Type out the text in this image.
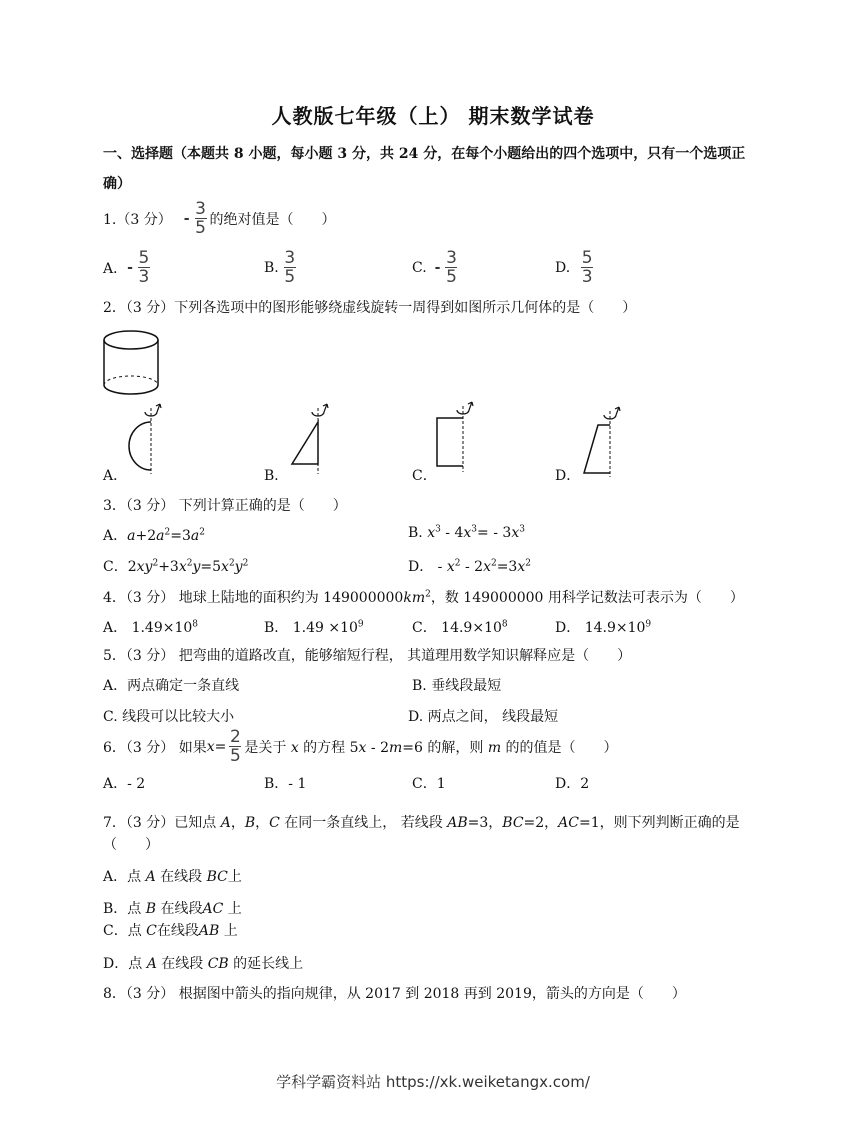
人教版七年级（上） 期末数学试卷
一、选择题（本题共 8 小题，每小题 3 分，共 24 分，在每个小题给出的四个选项中，只有一个选项正
确）
1.（3 分） - $\frac{3}{5}$ 的绝对值是（　　）
A． - $\frac{5}{3}$	B. $\frac{3}{5}$	C. - $\frac{3}{5}$	D. $\frac{5}{3}$
2．（3 分）下列各选项中的图形能够绕虚线旋转一周得到如图所示几何体的是（　　）
A．	B．	C．	D．
3．（3 分） 下列计算正确的是（　　）
A．$a+2a^2=3a^2$	B. $x^3 - 4x^3= - 3x^3$
C．$2xy^2+3x^2y=5x^2y^2$	D． - $x^2 - 2x^2=3x^2$
4．（3 分） 地球上陆地的面积约为 $149000000km^2$，数 149000000 用科学记数法可表示为（　　）
A． $1.49\times 10^8$	B． $1.49 \times 10^9$	C． $14.9\times 10^8$	D． $14.9\times 10^9$
5．（3 分） 把弯曲的道路改直，能够缩短行程， 其道理用数学知识解释应是（　　）
A．两点确定一条直线	B. 垂线段最短
C. 线段可以比较大小	D. 两点之间， 线段最短
6．（3 分） 如果 $x = \frac{2}{5}$ 是关于 x 的方程 5x - 2m=6 的解，则 m 的 的值是（　　）
A．- 2	B．- 1	C．1	D．2
7．（3 分）已知点 A，B，C 在同一条直线上， 若线段 AB=3，BC=2，AC=1，则下列判断正确的是
（　　）
A．点 A 在线段 BC上
B．点 B 在线段AC 上
C．点 C在线段AB 上
D．点 A 在线段 CB 的延长线上
8．（3 分） 根据图中箭头的指向规律，从 2017 到 2018 再到 2019，箭头的方向是（　　）
学科学霸资料站 https://xk.weiketangx.com/
